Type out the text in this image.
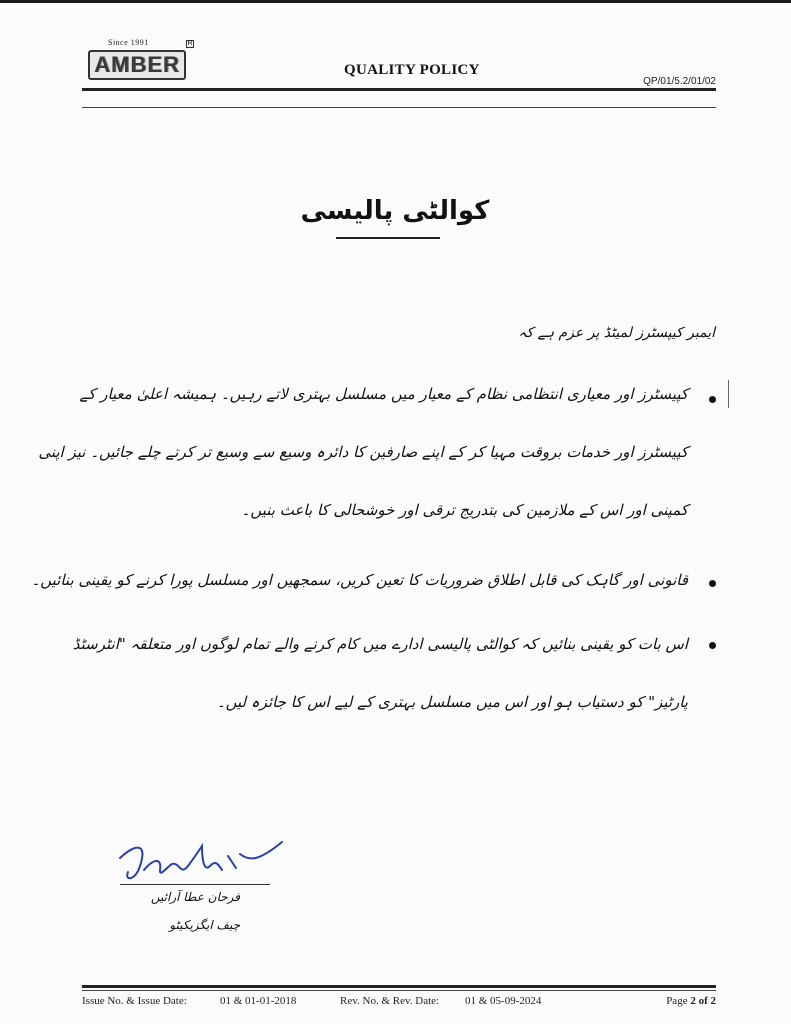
Since 1991	R
AMBER	QUALITY POLICY
QP/01/5.2/01/02
کوالٹی پالیسی
ایمبر کیپسٹرز لمیٹڈ پر عزم ہے کہ
کپیسٹرز اور معیاری انتظامی نظام کے معیار میں مسلسل بہتری لاتے رہیں۔ ہمیشہ اعلیٰ معیار کے
کپیسٹرز اور خدمات بروقت مہیا کر کے اپنے صارفین کا دائرہ وسیع سے وسیع تر کرتے چلے جائیں۔ نیز اپنی
کمپنی اور اس کے ملازمین کی بتدریج ترقی اور خوشحالی کا باعث بنیں۔
قانونی اور گاہک کی قابل اطلاق ضروریات کا تعین کریں، سمجھیں اور مسلسل پورا کرنے کو یقینی بنائیں۔
اس بات کو یقینی بنائیں کہ کوالٹی پالیسی ادارے میں کام کرنے والے تمام لوگوں اور متعلقہ "انٹرسٹڈ
پارٹیز" کو دستیاب ہو اور اس میں مسلسل بہتری کے لیے اس کا جائزہ لیں۔
فرحان عطا آرائیں
چیف ایگزیکیٹو
Issue No. & Issue Date:	01 & 01-01-2018	Rev. No. & Rev. Date: 01 & 05-09-2024	Page 2 of 2
